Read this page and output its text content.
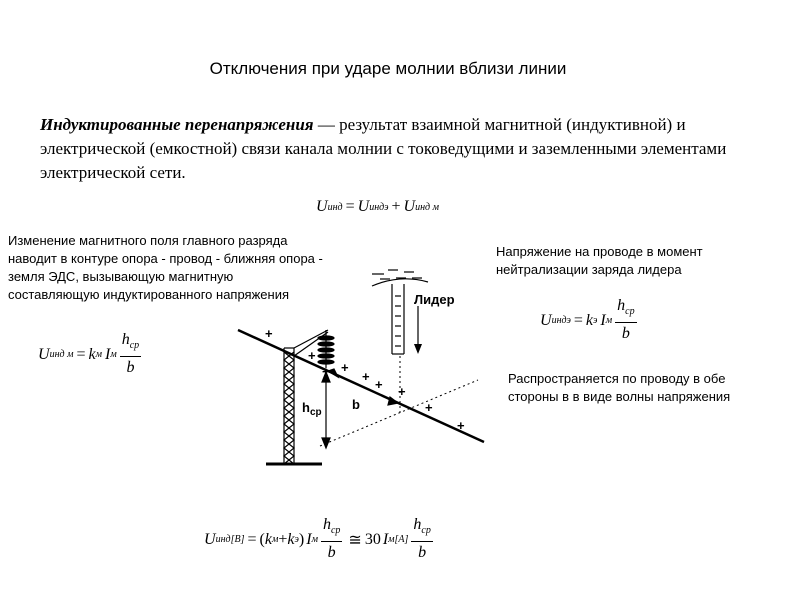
Отключения при ударе молнии вблизи линии
Индуктированные перенапряжения — результат взаимной магнитной (индуктивной) и электрической (емкостной) связи канала молнии с токоведущими и заземленными элементами электрической сети.
U инд = U индэ + U инд м
Изменение магнитного поля главного разряда наводит в контуре опора - провод - ближняя опора - земля ЭДС, вызывающую магнитную составляющую индуктированного напряжения
Напряжение на проводе в момент нейтрализации заряда лидера
Распространяется по проводу в обе стороны в в виде волны напряжения
U инд м = k м I м $\frac{h_{ср}}{b}$
U индэ = k э I м $\frac{h_{ср}}{b}$
U инд[В] = ( k м + k э ) I м $\frac{h_{ср}}{b}$ ≅ 30 I $м[А] \frac{h_{ср}}{b}$
Лидер
$h_{ср}$
b
+
+
+ +
+
+ +
+
+
